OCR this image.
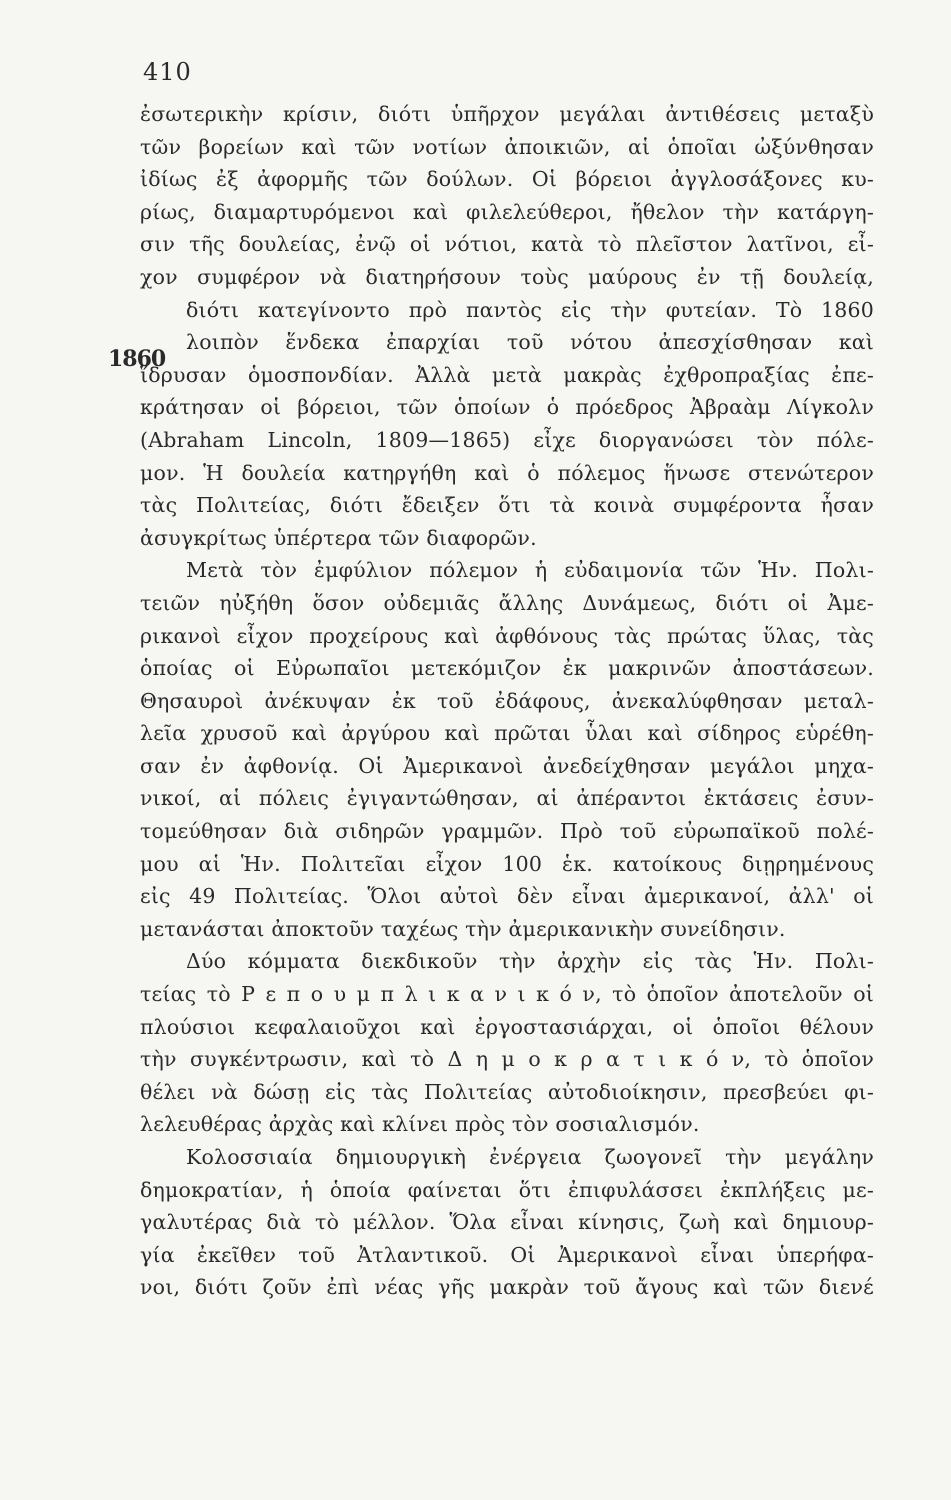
410
1860
ἐσωτερικὴν κρίσιν, διότι ὑπῆρχον μεγάλαι ἀντιθέσεις μεταξὺ
τῶν βορείων καὶ τῶν νοτίων ἀποικιῶν, αἱ ὁποῖαι ὠξύνθησαν
ἰδίως ἐξ ἀφορμῆς τῶν δούλων. Οἱ βόρειοι ἀγγλοσάξονες κυ-
ρίως, διαμαρτυρόμενοι καὶ φιλελεύθεροι, ἤθελον τὴν κατάργη-
σιν τῆς δουλείας, ἐνῷ οἱ νότιοι, κατὰ τὸ πλεῖστον λατῖνοι, εἶ-
χον συμφέρον νὰ διατηρήσουν τοὺς μαύρους ἐν τῇ δουλείᾳ,
διότι κατεγίνοντο πρὸ παντὸς εἰς τὴν φυτείαν. Τὸ 1860
λοιπὸν ἕνδεκα ἐπαρχίαι τοῦ νότου ἀπεσχίσθησαν καὶ
ἵδρυσαν ὁμοσπονδίαν. Ἀλλὰ μετὰ μακρὰς ἐχθροπραξίας ἐπε-
κράτησαν οἱ βόρειοι, τῶν ὁποίων ὁ πρόεδρος Ἀβραὰμ Λίγκολν
(Abraham Lincoln, 1809—1865) εἶχε διοργανώσει τὸν πόλε-
μον. Ἡ δουλεία κατηργήθη καὶ ὁ πόλεμος ἥνωσε στενώτερον
τὰς Πολιτείας, διότι ἔδειξεν ὅτι τὰ κοινὰ συμφέροντα ἦσαν
ἀσυγκρίτως ὑπέρτερα τῶν διαφορῶν.
Μετὰ τὸν ἐμφύλιον πόλεμον ἡ εὐδαιμονία τῶν Ἡν. Πολι-
τειῶν ηὐξήθη ὅσον οὐδεμιᾶς ἄλλης Δυνάμεως, διότι οἱ Ἀμε-
ρικανοὶ εἶχον προχείρους καὶ ἀφθόνους τὰς πρώτας ὕλας, τὰς
ὁποίας οἱ Εὐρωπαῖοι μετεκόμιζον ἐκ μακρινῶν ἀποστάσεων.
Θησαυροὶ ἀνέκυψαν ἐκ τοῦ ἐδάφους, ἀνεκαλύφθησαν μεταλ-
λεῖα χρυσοῦ καὶ ἀργύρου καὶ πρῶται ὗλαι καὶ σίδηρος εὑρέθη-
σαν ἐν ἀφθονίᾳ. Οἱ Ἀμερικανοὶ ἀνεδείχθησαν μεγάλοι μηχα-
νικοί, αἱ πόλεις ἐγιγαντώθησαν, αἱ ἀπέραντοι ἐκτάσεις ἐσυν-
τομεύθησαν διὰ σιδηρῶν γραμμῶν. Πρὸ τοῦ εὐρωπαϊκοῦ πολέ-
μου αἱ Ἡν. Πολιτεῖαι εἶχον 100 ἑκ. κατοίκους διῃρημένους
εἰς 49 Πολιτείας. Ὅλοι αὐτοὶ δὲν εἶναι ἀμερικανοί, ἀλλ' οἱ
μετανάσται ἀποκτοῦν ταχέως τὴν ἀμερικανικὴν συνείδησιν.
Δύο κόμματα διεκδικοῦν τὴν ἀρχὴν εἰς τὰς Ἡν. Πολι-
τείας τὸ Ρ ε π ο υ μ π λ ι κ α ν ι κ ό ν, τὸ ὁποῖον ἀποτελοῦν οἱ
πλούσιοι κεφαλαιοῦχοι καὶ ἐργοστασιάρχαι, οἱ ὁποῖοι θέλουν
τὴν συγκέντρωσιν, καὶ τὸ Δ η μ ο κ ρ α τ ι κ ό ν, τὸ ὁποῖον
θέλει νὰ δώσῃ εἰς τὰς Πολιτείας αὐτοδιοίκησιν, πρεσβεύει φι-
λελευθέρας ἀρχὰς καὶ κλίνει πρὸς τὸν σοσιαλισμόν.
Κολοσσιαία δημιουργικὴ ἐνέργεια ζωογονεῖ τὴν μεγάλην
δημοκρατίαν, ἡ ὁποία φαίνεται ὅτι ἐπιφυλάσσει ἐκπλήξεις με-
γαλυτέρας διὰ τὸ μέλλον. Ὅλα εἶναι κίνησις, ζωὴ καὶ δημιουρ-
γία ἐκεῖθεν τοῦ Ἀτλαντικοῦ. Οἱ Ἀμερικανοὶ εἶναι ὑπερήφα-
νοι, διότι ζοῦν ἐπὶ νέας γῆς μακρὰν τοῦ ἄγους καὶ τῶν διενέ
